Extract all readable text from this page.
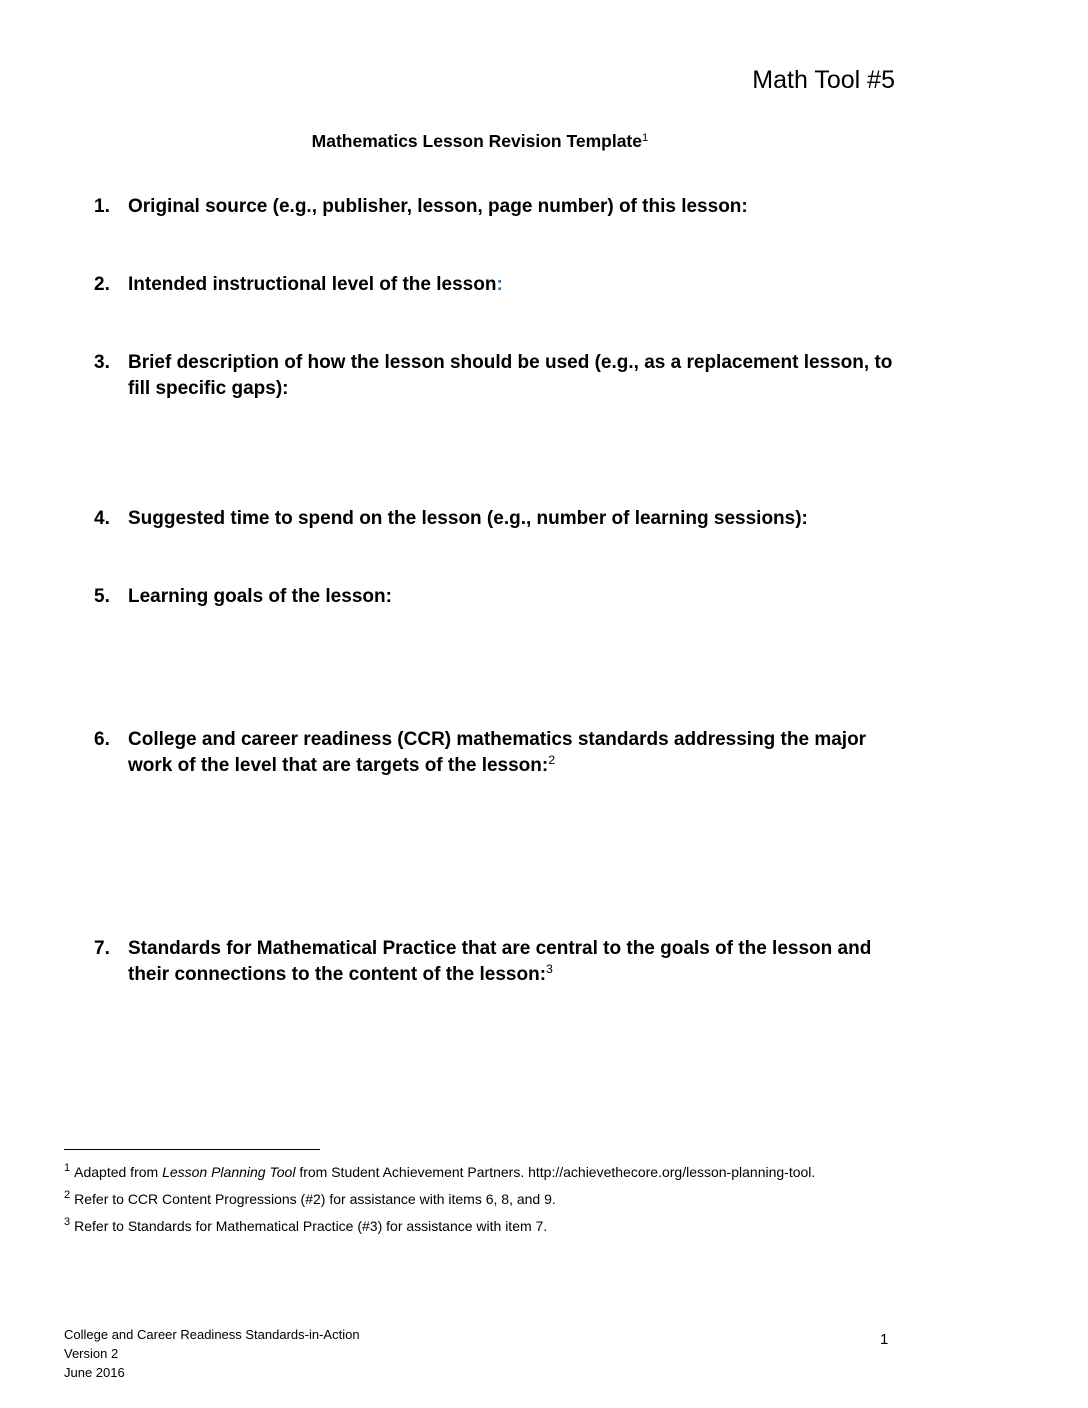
Math Tool #5
Mathematics Lesson Revision Template$^1$
1. Original source (e.g., publisher, lesson, page number) of this lesson:
2. Intended instructional level of the lesson:
3. Brief description of how the lesson should be used (e.g., as a replacement lesson, to fill specific gaps):
4. Suggested time to spend on the lesson (e.g., number of learning sessions):
5. Learning goals of the lesson:
6. College and career readiness (CCR) mathematics standards addressing the major work of the level that are targets of the lesson:$^2$
7. Standards for Mathematical Practice that are central to the goals of the lesson and their connections to the content of the lesson:$^3$
$^1$ Adapted from Lesson Planning Tool from Student Achievement Partners. http://achievethecore.org/lesson-planning-tool.
$^2$ Refer to CCR Content Progressions (#2) for assistance with items 6, 8, and 9.
$^3$ Refer to Standards for Mathematical Practice (#3) for assistance with item 7.
College and Career Readiness Standards-in-Action
Version 2
June 2016
1
